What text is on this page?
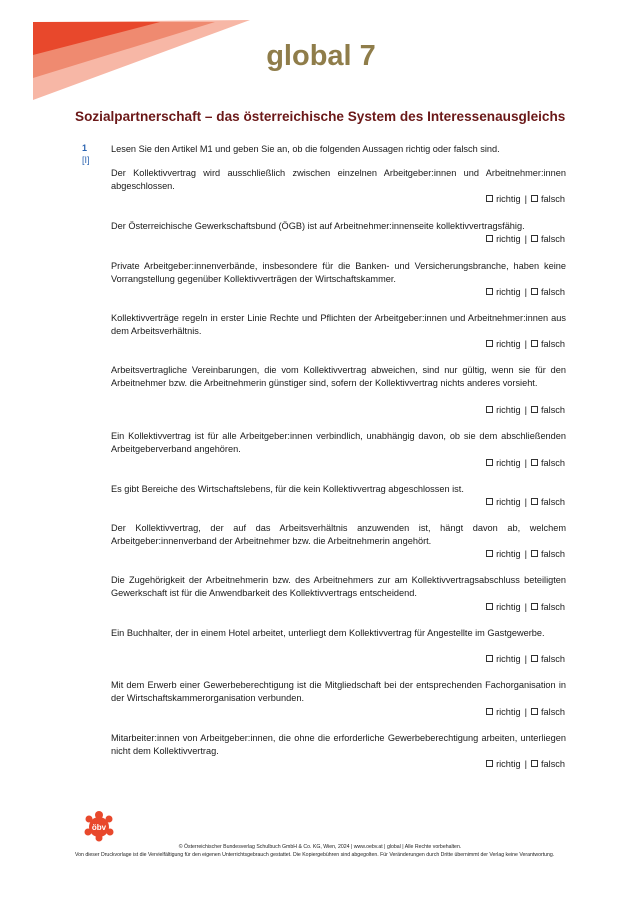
global 7
Sozialpartnerschaft – das österreichische System des Interessenausgleichs
1
[I]
Lesen Sie den Artikel M1 und geben Sie an, ob die folgenden Aussagen richtig oder falsch sind.
Der Kollektivvertrag wird ausschließlich zwischen einzelnen Arbeitgeber:innen und Arbeitnehmer:innen abgeschlossen.
richtig | falsch
Der Österreichische Gewerkschaftsbund (ÖGB) ist auf Arbeitnehmer:innenseite kollektivvertragsfähig.
richtig | falsch
Private Arbeitgeber:innenverbände, insbesondere für die Banken- und Versicherungsbranche, haben keine Vorrangstellung gegenüber Kollektivverträgen der Wirtschaftskammer.
richtig | falsch
Kollektivverträge regeln in erster Linie Rechte und Pflichten der Arbeitgeber:innen und Arbeitnehmer:innen aus dem Arbeitsverhältnis.
richtig | falsch
Arbeitsvertragliche Vereinbarungen, die vom Kollektivvertrag abweichen, sind nur gültig, wenn sie für den Arbeitnehmer bzw. die Arbeitnehmerin günstiger sind, sofern der Kollektivvertrag nichts anderes vorsieht.
richtig | falsch
Ein Kollektivvertrag ist für alle Arbeitgeber:innen verbindlich, unabhängig davon, ob sie dem abschließenden Arbeitgeberverband angehören.
richtig | falsch
Es gibt Bereiche des Wirtschaftslebens, für die kein Kollektivvertrag abgeschlossen ist.
richtig | falsch
Der Kollektivvertrag, der auf das Arbeitsverhältnis anzuwenden ist, hängt davon ab, welchem Arbeitgeber:innenverband der Arbeitnehmer bzw. die Arbeitnehmerin angehört.
richtig | falsch
Die Zugehörigkeit der Arbeitnehmerin bzw. des Arbeitnehmers zur am Kollektivvertragsabschluss beteiligten Gewerkschaft ist für die Anwendbarkeit des Kollektivvertrags entscheidend.
richtig | falsch
Ein Buchhalter, der in einem Hotel arbeitet, unterliegt dem Kollektivvertrag für Angestellte im Gastgewerbe.
richtig | falsch
Mit dem Erwerb einer Gewerbeberechtigung ist die Mitgliedschaft bei der entsprechenden Fachorganisation in der Wirtschaftskammerorganisation verbunden.
richtig | falsch
Mitarbeiter:innen von Arbeitgeber:innen, die ohne die erforderliche Gewerbeberechtigung arbeiten, unterliegen nicht dem Kollektivvertrag.
richtig | falsch
öbv
© Österreichischer Bundesverlag Schulbuch GmbH & Co. KG, Wien, 2024 | www.oebv.at | global | Alle Rechte vorbehalten.
Von dieser Druckvorlage ist die Vervielfältigung für den eigenen Unterrichtsgebrauch gestattet. Die Kopiergebühren sind abgegolten. Für Veränderungen durch Dritte übernimmt der Verlag keine Verantwortung.
